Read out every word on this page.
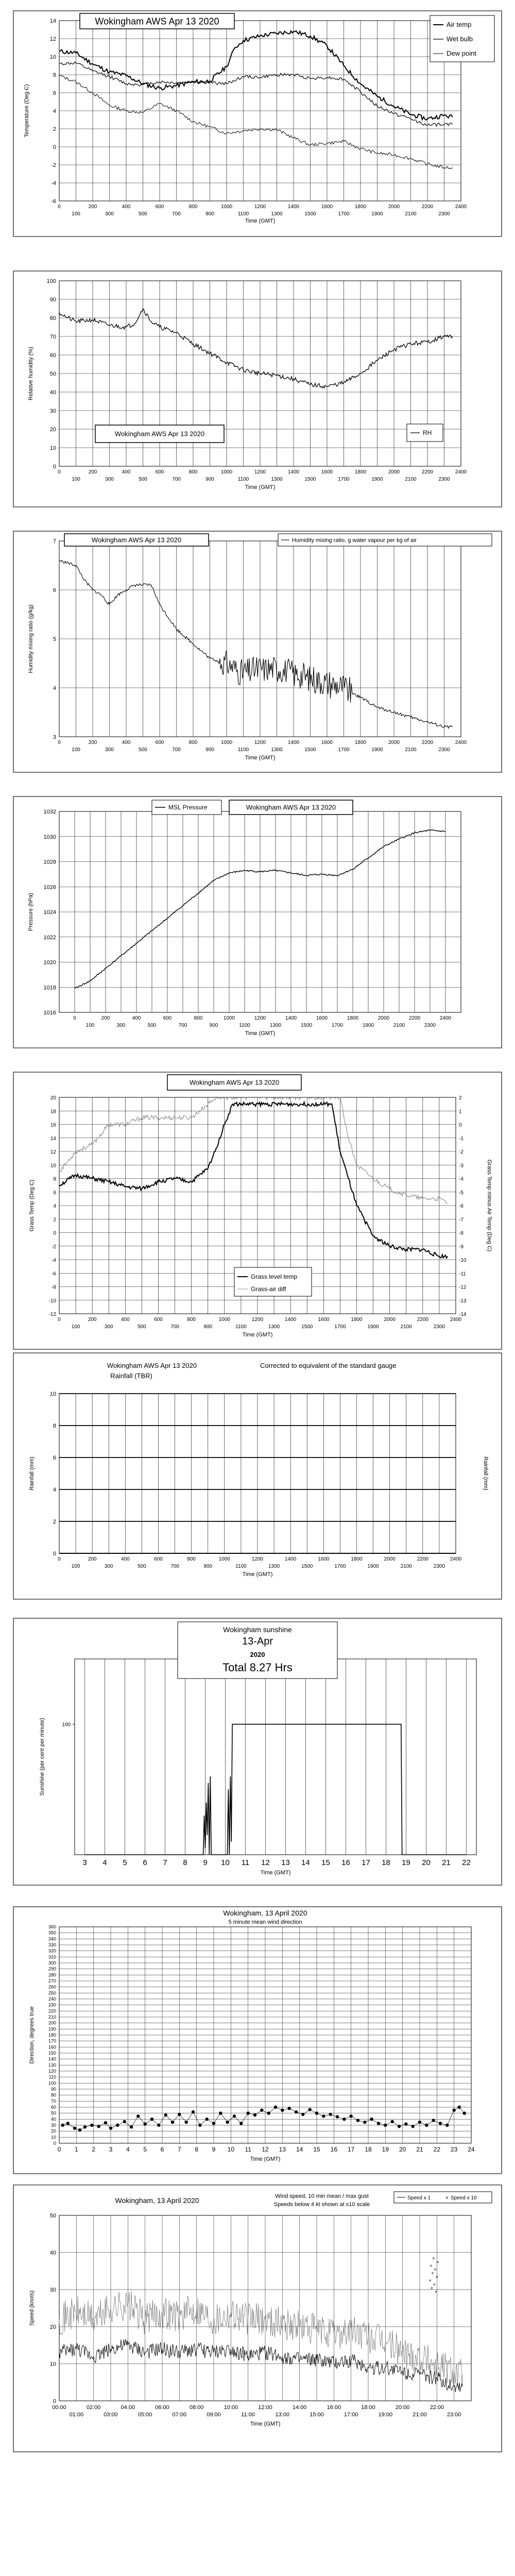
-6
-4
-2
0
2
4
6
8
10
12
14
0
100
200
300
400
500
600
700
800
900
1000
1100
1200
1300
1400
1500
1600
1700
1800
1900
2000
2100
2200
2300
2400
Wokingham AWS Apr 13 2020	Air temp
Wet bulb
Dew point
Temperature (Deg C)
Time (GMT)
0
10
20
30
40
50
60
70
80
90
100
0
100
200
300
400
500
600
700
800
900
1000
1100
1200
1300
1400
1500
1600
1700
1800
1900
2000
2100
2200
2300
2400
Wokingham AWS Apr 13 2020	RH
Relative humidity (%)
Time (GMT)
3
4
5
6
7
0
100
200
300
400
500
600
700
800
900
1000
1100
1200
1300
1400
1500
1600
1700
1800
1900
2000
2100
2200
2300
2400
Wokingham AWS Apr 13 2020	Humidity mixing ratio, g water vapour per kg of air
Humidity mixing ratio (g/kg)
Time (GMT)
1016
1018
1020
1022
1024
1026
1028
1030
1032
0
100
200
300
400
500
600
700
800
900
1000
1100
1200
1300
1400
1500
1600
1700
1800
1900
2000
2100
2200
2300
2400
MSL Pressure	Wokingham AWS Apr 13 2020
Pressure (hPa)
Time (GMT)
-12
-10
-8
-6
-4
-2
0
2
4
6
8
10
12
14
16
18
20
0
100
200
300
400
500
600
700
800
900
1000
1100
1200
1300
1400
1500
1600
1700
1800
1900
2000
2100
2200
2300
2400
-14
-13
-12
-11
-10
-9
-8
-7
-6
-5
-4
-3
-2
-1
0
1
2
Wokingham AWS Apr 13 2020
Grass level temp
Grass-air diff
Grass Temp (Deg C)	Grass Temp minus Air Temp (Deg C)
Time (GMT)
0
2
4
6
8
10
0
100
200
300
400
500
600
700
800
900
1000
1100
1200
1300
1400
1500
1600
1700
1800
1900
2000
2100
2200
2300
2400
Wokingham AWS Apr 13 2020
Rainfall (TBR)
Corrected to equivalent of the standard gauge
Rainfall (mm)	Rainfall (mm)
Time (GMT)
3 4 5 6 7 8 9 10 11 12 13 14 15 16 17 18 19 20 21 22
100
Wokingham sunshine
13-Apr
2020
Total 8.27 Hrs
Sunshine (per cent per minute)
Time (GMT)
0
10
20
30
40
50
60
70
80
90
100
110
120
130
140
150
160
170
180
190
200
210
220
230
240
250
260
270
280
290
300
310
320
330
340
350
360
0 1 2 3 4 5 6 7 8 9 10 11 12 13 14 15 16 17 18 19 20 21 22 23 24
Wokingham, 13 April 2020
5 minute mean wind direction
Direction, degrees true
Time (GMT)
0
10
20
30
40
50
00:00	02:00	04:00	06:00	08:00	10:00	12:00	14:00	16:00	18:00	20:00	22:00
01:00	03:00	05:00	07:00	09:00	11:00	13:00	15:00	17:00	19:00	21:00	23:00
×
×
×
×
×
×
×
×
×
×
Wokingham, 13 April 2020	Wind speed, 10 min mean / max gust
Speeds below 4 kt shown at x10 scale
Speed x 1	× Speed x 10
Speed (knots)
Time (GMT)
